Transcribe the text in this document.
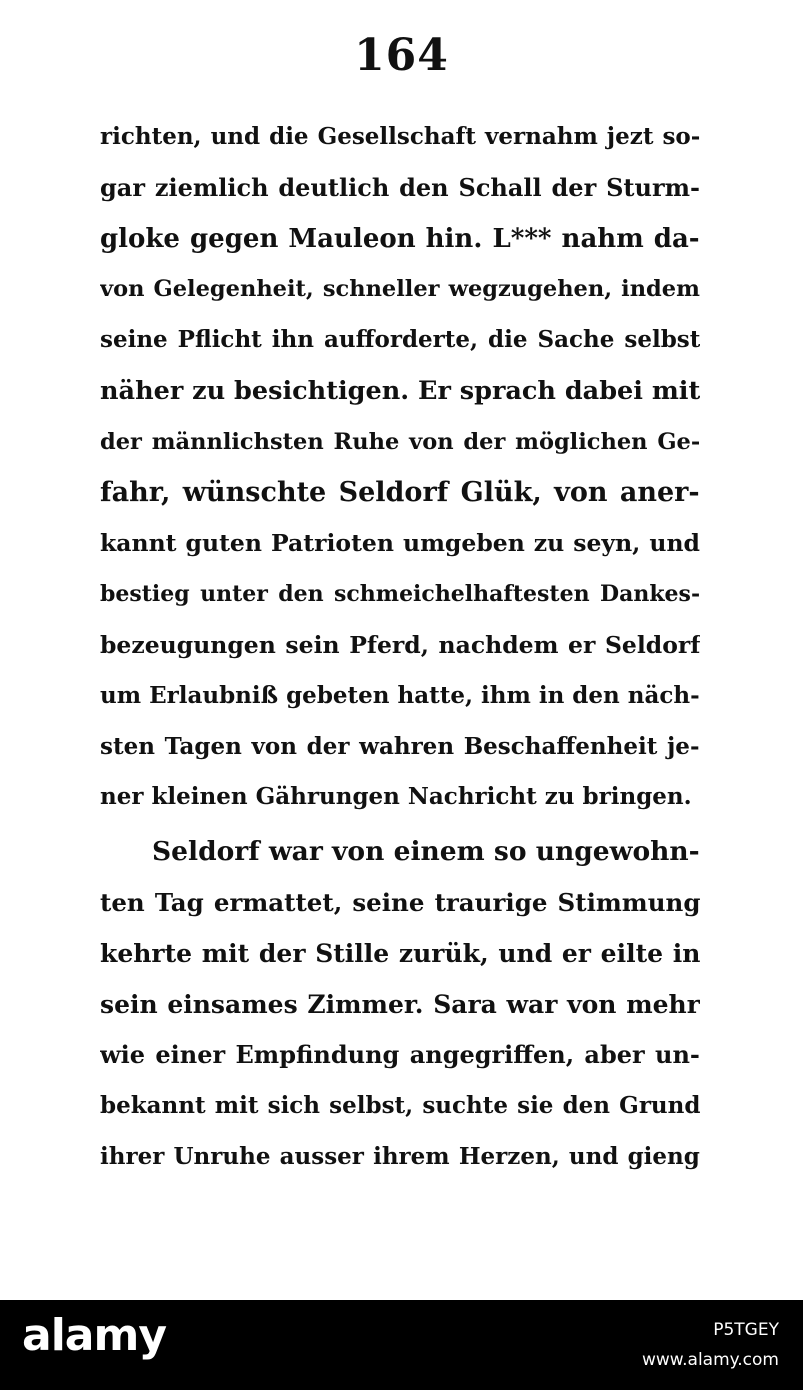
164
richten, und die Gesellschaft vernahm jezt so-
gar ziemlich deutlich den Schall der Sturm-
gloke gegen Mauleon hin. L*** nahm da-
von Gelegenheit, schneller wegzugehen, indem
seine Pflicht ihn aufforderte, die Sache selbst
näher zu besichtigen. Er sprach dabei mit
der männlichsten Ruhe von der möglichen Ge-
fahr, wünschte Seldorf Glük, von aner-
kannt guten Patrioten umgeben zu seyn, und
bestieg unter den schmeichelhaftesten Dankes-
bezeugungen sein Pferd, nachdem er Seldorf
um Erlaubniß gebeten hatte, ihm in den näch-
sten Tagen von der wahren Beschaffenheit je-
ner kleinen Gährungen Nachricht zu bringen.
Seldorf war von einem so ungewohn-
ten Tag ermattet, seine traurige Stimmung
kehrte mit der Stille zurük, und er eilte in
sein einsames Zimmer. Sara war von mehr
wie einer Empfindung angegriffen, aber un-
bekannt mit sich selbst, suchte sie den Grund
ihrer Unruhe ausser ihrem Herzen, und gieng
alamy	P5TGEY
www.alamy.com
